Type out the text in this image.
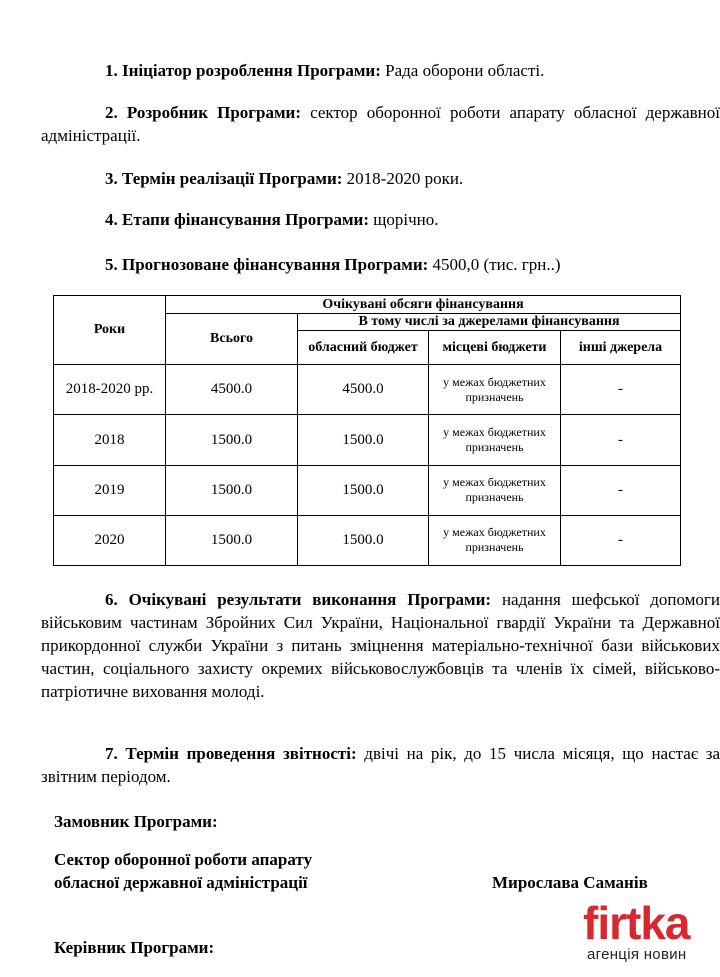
1. Ініціатор розроблення Програми: Рада оборони області.

2. Розробник Програми: сектор оборонної роботи апарату обласної державної адміністрації.

3. Термін реалізації Програми: 2018-2020 роки.
4. Етапи фінансування Програми: щорічно.
5. Прогнозоване фінансування Програми: 4500,0 (тис. грн..)
Роки	Очікувані обсяги фінансування			
	Всього	В тому числі за джерелами фінансування		
		обласний бюджет	місцеві бюджети	інші джерела
2018-2020 рр.	4500.0	4500.0	у межах бюджетних призначень	-
2018	1500.0	1500.0	у межах бюджетних призначень	-
2019	1500.0	1500.0	у межах бюджетних призначень	-
2020	1500.0	1500.0	у межах бюджетних призначень	-

6. Очікувані результати виконання Програми: надання шефської допомоги військовим частинам Збройних Сил України, Національної гвардії України та Державної прикордонної служби України з питань зміцнення матеріально-технічної бази військових частин, соціального захисту окремих військовослужбовців та членів їх сімей, військово-патріотичне виховання молоді.

7. Термін проведення звітності: двічі на рік, до 15 числа місяця, що настає за звітним періодом.

Замовник Програми:
Сектор оборонної роботи апарату
обласної державної адміністрації	Мирослава Саманів
Керівник Програми:	firtka
агенція новин
